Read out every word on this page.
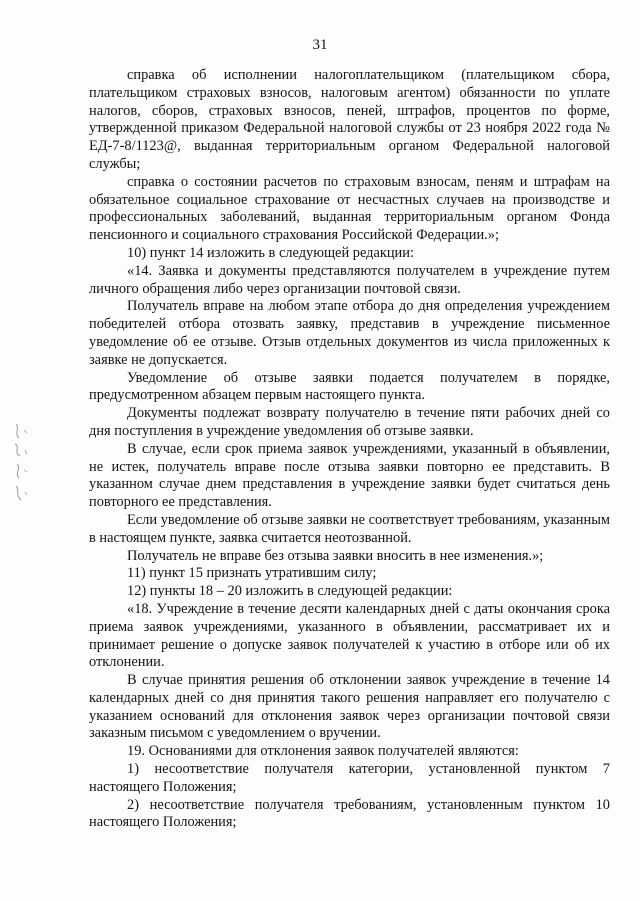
31

справка об исполнении налогоплательщиком (плательщиком сбора, плательщиком страховых взносов, налоговым агентом) обязанности по уплате налогов, сборов, страховых взносов, пеней, штрафов, процентов по форме, утвержденной приказом Федеральной налоговой службы от 23 ноября 2022 года № ЕД-7-8/1123@, выданная территориальным органом Федеральной налоговой службы;

справка о состоянии расчетов по страховым взносам, пеням и штрафам на обязательное социальное страхование от несчастных случаев на производстве и профессиональных заболеваний, выданная территориальным органом Фонда пенсионного и социального страхования Российской Федерации.»;

10) пункт 14 изложить в следующей редакции:

«14. Заявка и документы представляются получателем в учреждение путем личного обращения либо через организации почтовой связи.

Получатель вправе на любом этапе отбора до дня определения учреждением победителей отбора отозвать заявку, представив в учреждение письменное уведомление об ее отзыве. Отзыв отдельных документов из числа приложенных к заявке не допускается.

Уведомление об отзыве заявки подается получателем в порядке, предусмотренном абзацем первым настоящего пункта.

Документы подлежат возврату получателю в течение пяти рабочих дней со дня поступления в учреждение уведомления об отзыве заявки.

В случае, если срок приема заявок учреждениями, указанный в объявлении, не истек, получатель вправе после отзыва заявки повторно ее представить. В указанном случае днем представления в учреждение заявки будет считаться день повторного ее представления.

Если уведомление об отзыве заявки не соответствует требованиям, указанным в настоящем пункте, заявка считается неотозванной.

Получатель не вправе без отзыва заявки вносить в нее изменения.»;

11) пункт 15 признать утратившим силу;

12) пункты 18 – 20 изложить в следующей редакции:

«18. Учреждение в течение десяти календарных дней с даты окончания срока приема заявок учреждениями, указанного в объявлении, рассматривает их и принимает решение о допуске заявок получателей к участию в отборе или об их отклонении.

В случае принятия решения об отклонении заявок учреждение в течение 14 календарных дней со дня принятия такого решения направляет его получателю с указанием оснований для отклонения заявок через организации почтовой связи заказным письмом с уведомлением о вручении.

19. Основаниями для отклонения заявок получателей являются:

1) несоответствие получателя категории, установленной пунктом 7 настоящего Положения;

2) несоответствие получателя требованиям, установленным пунктом 10 настоящего Положения;
